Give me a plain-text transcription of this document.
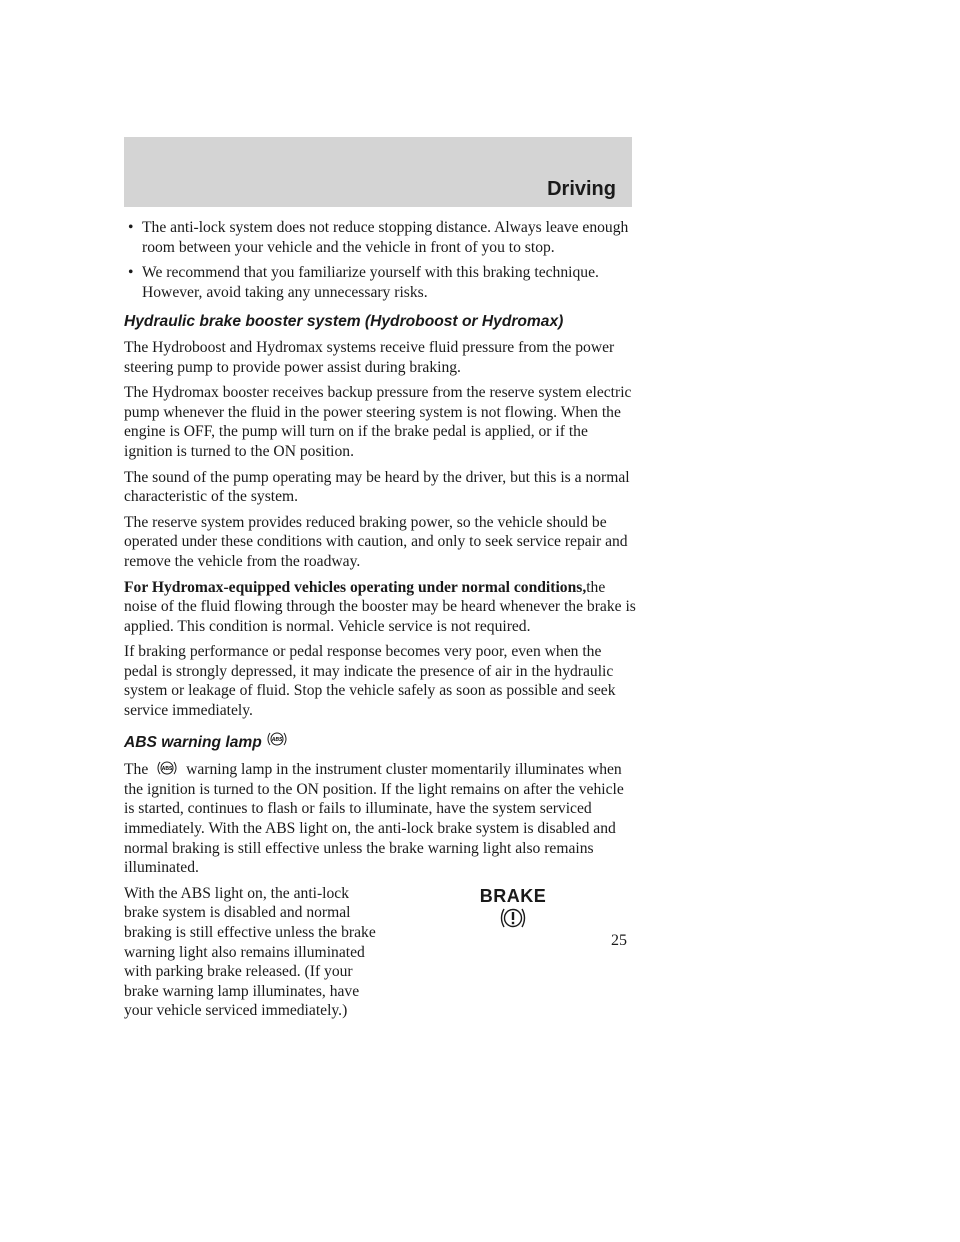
Driving
• The anti-lock system does not reduce stopping distance. Always leave enough room between your vehicle and the vehicle in front of you to stop.
• We recommend that you familiarize yourself with this braking technique. However, avoid taking any unnecessary risks.
Hydraulic brake booster system (Hydroboost or Hydromax)

The Hydroboost and Hydromax systems receive fluid pressure from the power steering pump to provide power assist during braking.

The Hydromax booster receives backup pressure from the reserve system electric pump whenever the fluid in the power steering system is not flowing. When the engine is OFF, the pump will turn on if the brake pedal is applied, or if the ignition is turned to the ON position.

The sound of the pump operating may be heard by the driver, but this is a normal characteristic of the system.

The reserve system provides reduced braking power, so the vehicle should be operated under these conditions with caution, and only to seek service repair and remove the vehicle from the roadway.

For Hydromax-equipped vehicles operating under normal conditions,the noise of the fluid flowing through the booster may be heard whenever the brake is applied. This condition is normal. Vehicle service is not required.

If braking performance or pedal response becomes very poor, even when the pedal is strongly depressed, it may indicate the presence of air in the hydraulic system or leakage of fluid. Stop the vehicle safely as soon as possible and seek service immediately.

ABS warning lamp ABS

The	ABS warning lamp in the instrument cluster momentarily illuminates when the ignition is turned to the ON position. If the light remains on after the vehicle is started, continues to flash or fails to illuminate, have the system serviced immediately. With the ABS light on, the anti-lock brake system is disabled and normal braking is still effective unless the brake warning light also remains illuminated.

BRAKE

With the ABS light on, the anti-lock brake system is disabled and normal braking is still effective unless the brake warning light also remains illuminated with parking brake released. (If your brake warning lamp illuminates, have your vehicle serviced immediately.)

25
